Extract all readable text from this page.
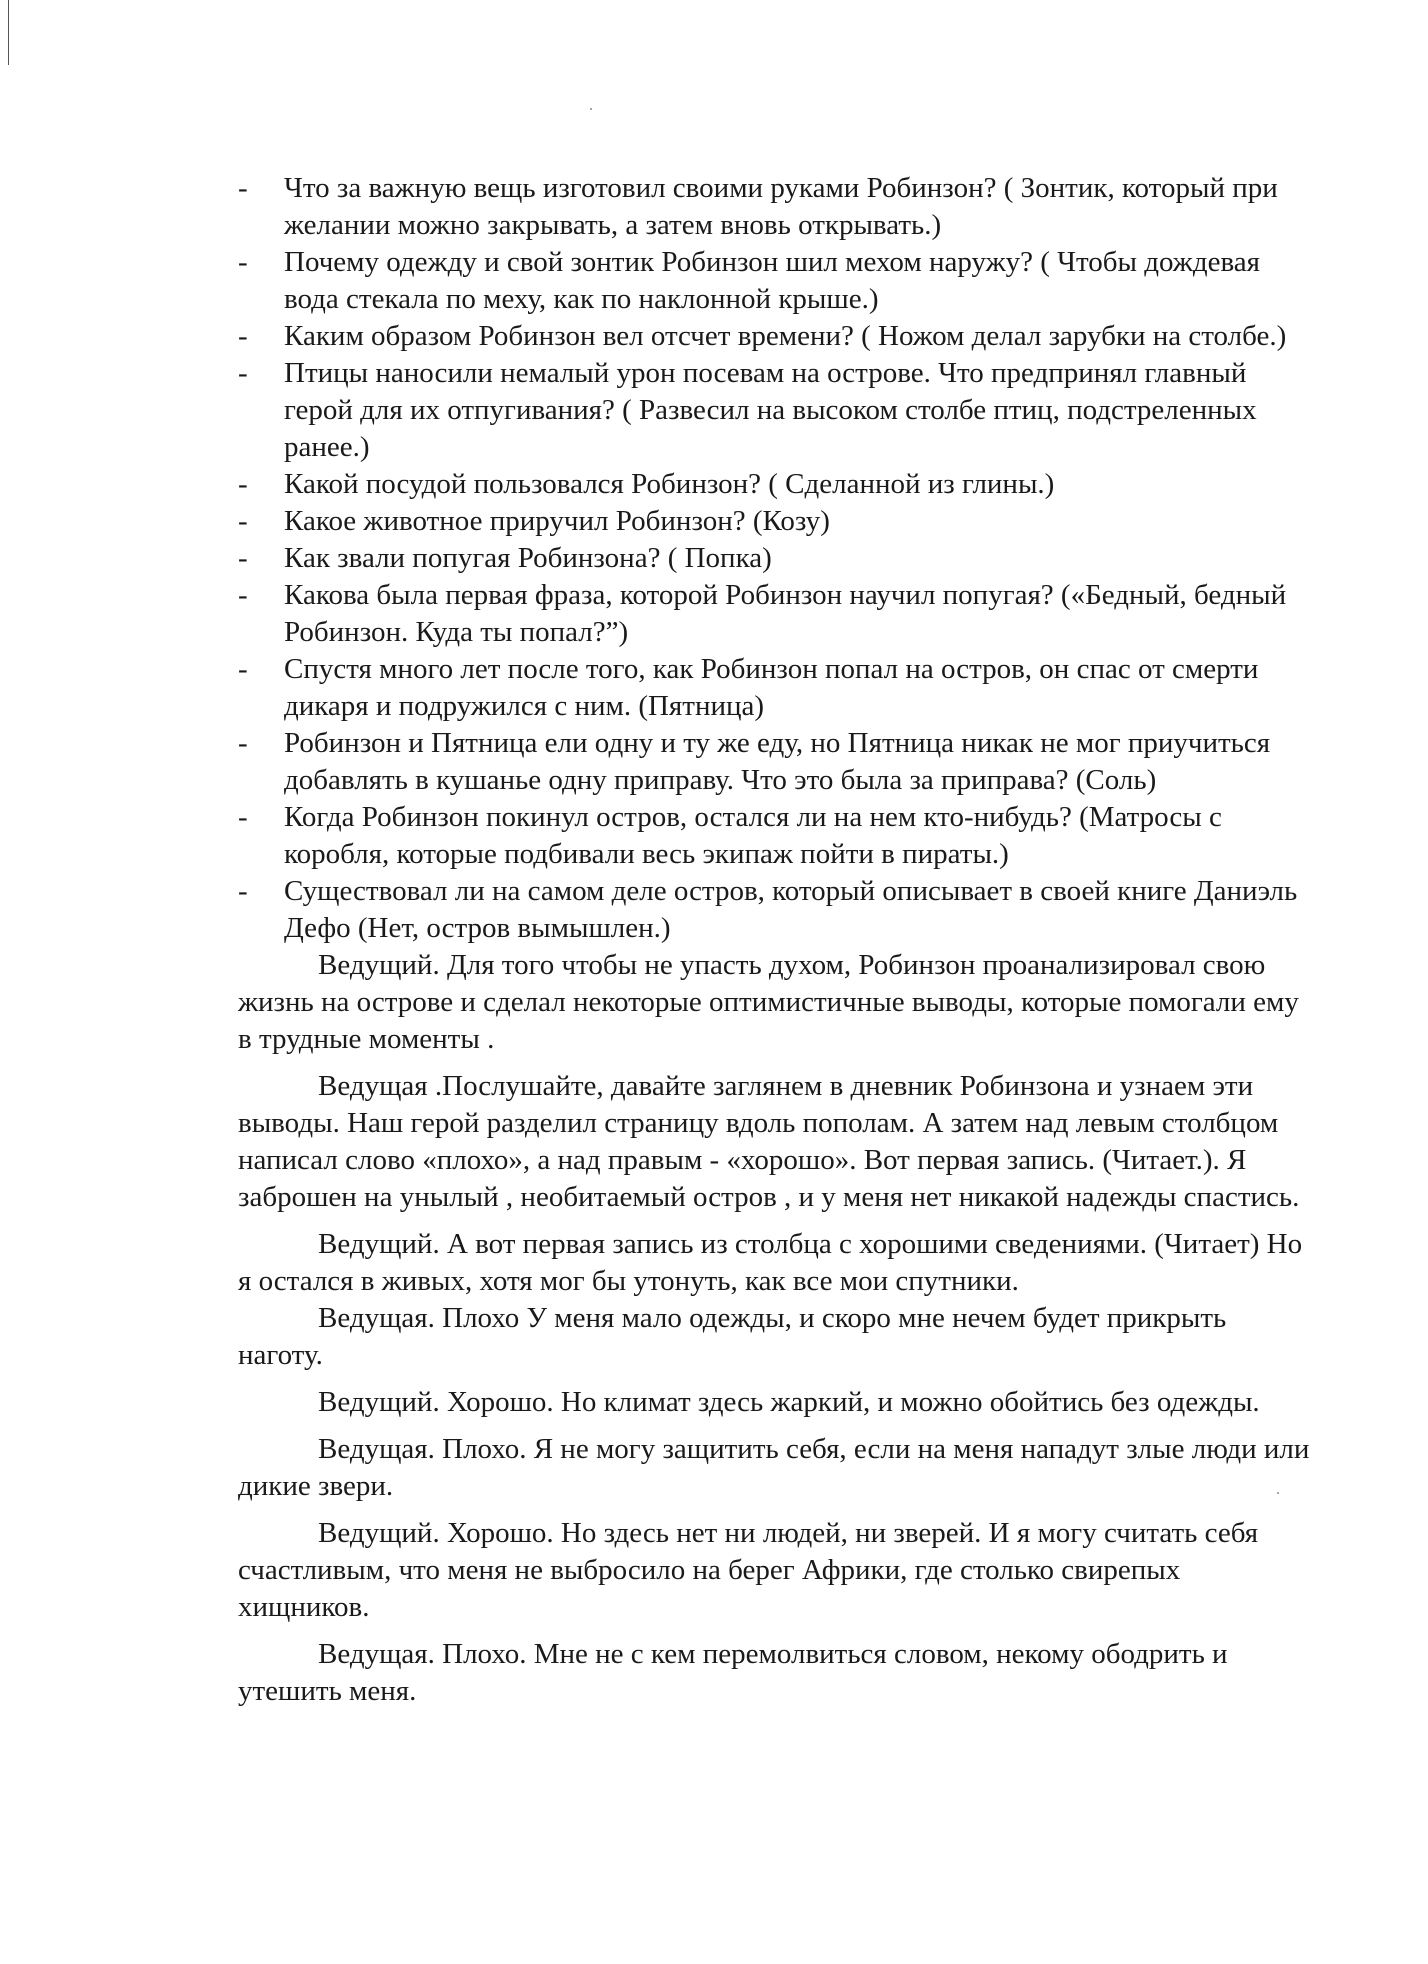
- Что за важную вещь изготовил своими руками Робинзон? ( Зонтик, который при желании можно закрывать, а затем вновь открывать.)
- Почему одежду и свой зонтик Робинзон шил мехом наружу? ( Чтобы дождевая вода стекала по меху, как по наклонной крыше.)
- Каким образом Робинзон вел отсчет времени? ( Ножом делал зарубки на столбе.)
- Птицы наносили немалый урон посевам на острове. Что предпринял главный герой для их отпугивания? ( Развесил на высоком столбе птиц, подстреленных ранее.)
- Какой посудой пользовался Робинзон? ( Сделанной из глины.)
- Какое животное приручил Робинзон? (Козу)
- Как звали попугая Робинзона? ( Попка)
- Какова была первая фраза, которой Робинзон научил попугая? («Бедный, бедный Робинзон. Куда ты попал?”)
- Спустя много лет после того, как Робинзон попал на остров, он спас от смерти дикаря и подружился с ним. (Пятница)
- Робинзон и Пятница ели одну и ту же еду, но Пятница никак не мог приучиться добавлять в кушанье одну приправу. Что это была за приправа? (Соль)
- Когда Робинзон покинул остров, остался ли на нем кто-нибудь? (Матросы с коробля, которые подбивали весь экипаж пойти в пираты.)
- Существовал ли на самом деле остров, который описывает в своей книге Даниэль Дефо (Нет, остров вымышлен.)

Ведущий. Для того чтобы не упасть духом, Робинзон проанализировал свою жизнь на острове и сделал некоторые оптимистичные выводы, которые помогали ему в трудные моменты .

Ведущая .Послушайте, давайте заглянем в дневник Робинзона и узнаем эти выводы. Наш герой разделил страницу вдоль пополам. А затем над левым столбцом написал слово «плохо», а над правым - «хорошо». Вот первая запись. (Читает.). Я заброшен на унылый , необитаемый остров , и у меня нет никакой надежды спастись.

Ведущий. А вот первая запись из столбца с хорошими сведениями. (Читает) Но я остался в живых, хотя мог бы утонуть, как все мои спутники.

Ведущая. Плохо У меня мало одежды, и скоро мне нечем будет прикрыть наготу.

Ведущий. Хорошо. Но климат здесь жаркий, и можно обойтись без одежды.

Ведущая. Плохо. Я не могу защитить себя, если на меня нападут злые люди или дикие звери.

Ведущий. Хорошо. Но здесь нет ни людей, ни зверей. И я могу считать себя счастливым, что меня не выбросило на берег Африки, где столько свирепых хищников.

Ведущая. Плохо. Мне не с кем перемолвиться словом, некому ободрить и утешить меня.
